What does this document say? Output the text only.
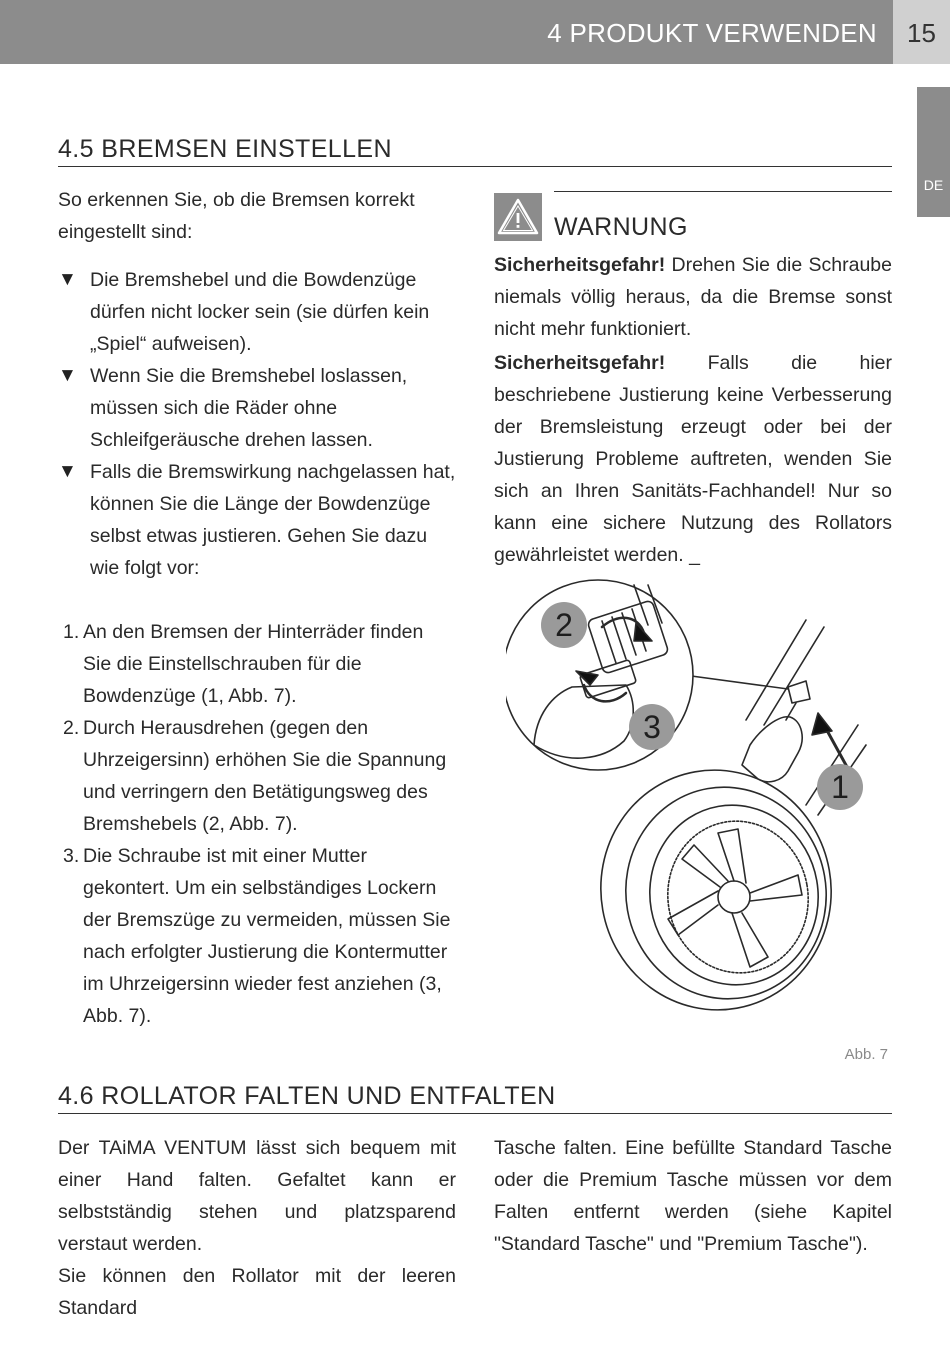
4 PRODUKT VERWENDEN	15
DE
4.5 BREMSEN EINSTELLEN

So erkennen Sie, ob die Bremsen korrekt eingestellt sind:

▼ Die Bremshebel und die Bowdenzüge dürfen nicht locker sein (sie dürfen kein „Spiel“ aufweisen).
▼ Wenn Sie die Bremshebel loslassen, müssen sich die Räder ohne Schleifgeräusche drehen lassen.
▼ Falls die Bremswirkung nachgelassen hat, können Sie die Länge der Bowdenzüge selbst etwas justieren. Gehen Sie dazu wie folgt vor:
1. An den Bremsen der Hinterräder finden Sie die Einstellschrauben für die Bowdenzüge (1, Abb. 7).
2. Durch Herausdrehen (gegen den Uhrzeigersinn) erhöhen Sie die Spannung und verringern den Betätigungsweg des Bremshebels (2, Abb. 7).
3. Die Schraube ist mit einer Mutter gekontert. Um ein selbständiges Lockern der Bremszüge zu vermeiden, müssen Sie nach erfolgter Justierung die Kontermutter im Uhrzeigersinn wieder fest anziehen (3, Abb. 7).
WARNUNG

Sicherheitsgefahr! Drehen Sie die Schraube niemals völlig heraus, da die Bremse sonst nicht mehr funktioniert.

Sicherheitsgefahr! Falls die hier beschriebene Justierung keine Verbesserung der Bremsleistung erzeugt oder bei der Justierung Probleme auftreten, wenden Sie sich an Ihren Sanitäts-Fachhandel! Nur so kann eine sichere Nutzung des Rollators gewährleistet werden. _

2
3
1
Abb. 7
4.6 ROLLATOR FALTEN UND ENTFALTEN

Der TAiMA VENTUM lässt sich bequem mit einer Hand falten. Gefaltet kann er selbstständig stehen und platzsparend verstaut werden.

Sie können den Rollator mit der leeren Standard

Tasche falten. Eine befüllte Standard Tasche oder die Premium Tasche müssen vor dem Falten entfernt werden (siehe Kapitel "Standard Tasche" und "Premium Tasche").
